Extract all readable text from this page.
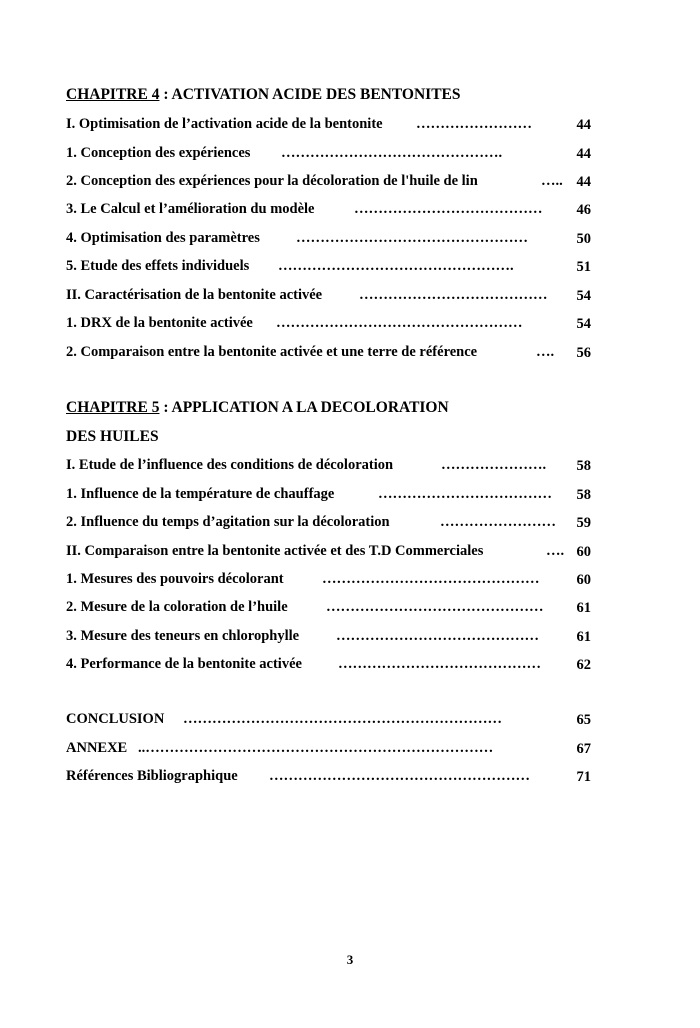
CHAPITRE 4 : ACTIVATION ACIDE DES BENTONITES
I. Optimisation de l’activation acide de la bentonite ……………………	44
1. Conception des expériences ……………………………………….	44
2. Conception des expériences pour la décoloration de l'huile de lin	….. 44
3. Le Calcul et l’amélioration du modèle	………………………………… 46
4. Optimisation des paramètres …………………………………………	50
5. Etude des effets individuels ………………………………………….	51
II. Caractérisation de la bentonite activée	………………………………… 54
1. DRX de la bentonite activée ……………………………………………	54
2. Comparaison entre la bentonite activée et une terre de référence	…. 56
CHAPITRE 5 : APPLICATION A LA DECOLORATION
DES HUILES
I. Etude de l’influence des conditions de décoloration	…………………. 58
1. Influence de la température de chauffage	……………………………… 58
2. Influence du temps d’agitation sur la décoloration	…………………… 59
II. Comparaison entre la bentonite activée et des T.D Commerciales	…. 60
1. Mesures des pouvoirs décolorant	………………………………………	60
2. Mesure de la coloration de l’huile	……………………………………… 61
3. Mesure des teneurs en chlorophylle	……………………………………	61
4. Performance de la bentonite activée …………………………………… 62
CONCLUSION …………………………………………………………	65
ANNEXE ..………………………………………………………………	67
Références Bibliographique ………………………………………………	71
3
